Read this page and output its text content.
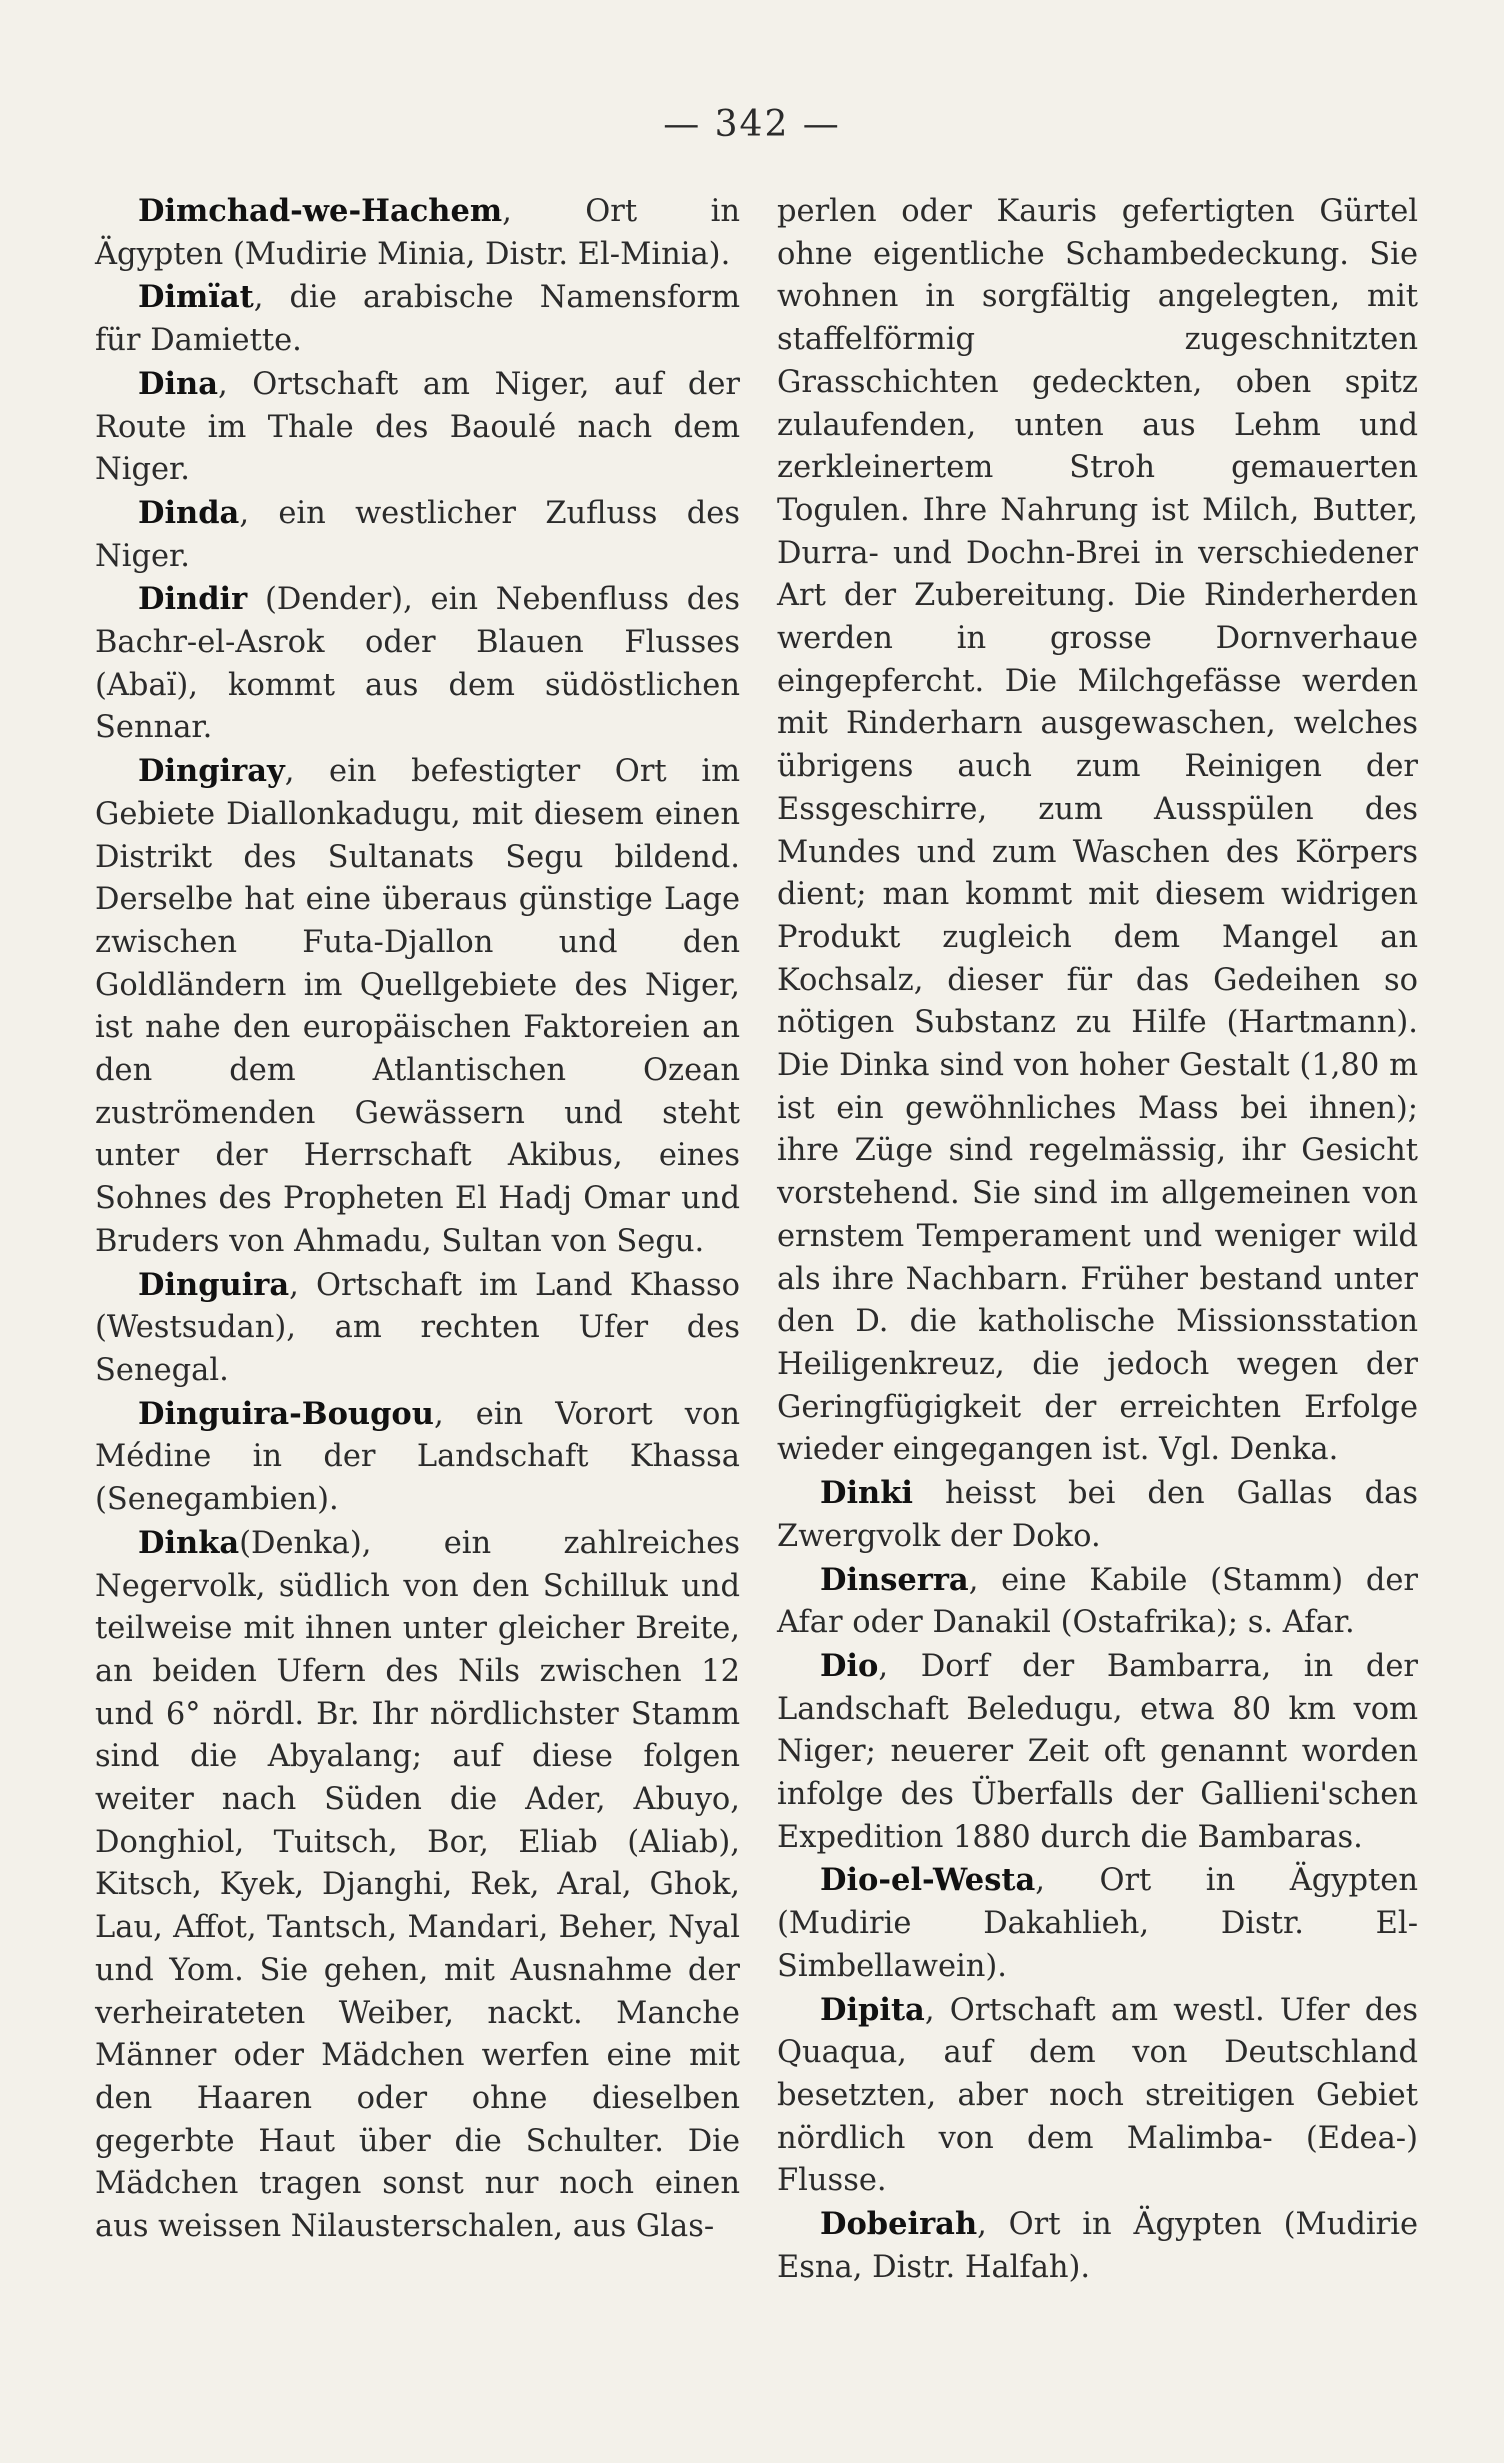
— 342 —

Dimchad-we-Hachem, Ort in Ägypten (Mudirie Minia, Distr. El-Minia).

Dimïat, die arabische Namensform für Damiette.

Dina, Ortschaft am Niger, auf der Route im Thale des Baoulé nach dem Niger.

Dinda, ein westlicher Zufluss des Niger.

Dindir (Dender), ein Nebenfluss des Bachr-el-Asrok oder Blauen Flusses (Abaï), kommt aus dem südöstlichen Sennar.

Dingiray, ein befestigter Ort im Gebiete Diallonkadugu, mit diesem einen Distrikt des Sultanats Segu bildend. Derselbe hat eine überaus günstige Lage zwischen Futa-Djallon und den Goldländern im Quellgebiete des Niger, ist nahe den europäischen Faktoreien an den dem Atlantischen Ozean zuströmenden Gewässern und steht unter der Herrschaft Akibus, eines Sohnes des Propheten El Hadj Omar und Bruders von Ahmadu, Sultan von Segu.

Dinguira, Ortschaft im Land Khasso (Westsudan), am rechten Ufer des Senegal.

Dinguira-Bougou, ein Vorort von Médine in der Landschaft Khassa (Senegambien).

Dinka(Denka), ein zahlreiches Negervolk, südlich von den Schilluk und teilweise mit ihnen unter gleicher Breite, an beiden Ufern des Nils zwischen 12 und 6° nördl. Br. Ihr nördlichster Stamm sind die Abyalang; auf diese folgen weiter nach Süden die Ader, Abuyo, Donghiol, Tuitsch, Bor, Eliab (Aliab), Kitsch, Kyek, Djanghi, Rek, Aral, Ghok, Lau, Affot, Tantsch, Mandari, Beher, Nyal und Yom. Sie gehen, mit Ausnahme der verheirateten Weiber, nackt. Manche Männer oder Mädchen werfen eine mit den Haaren oder ohne dieselben gegerbte Haut über die Schulter. Die Mädchen tragen sonst nur noch einen aus weissen Nilausterschalen, aus Glas-

perlen oder Kauris gefertigten Gürtel ohne eigentliche Schambedeckung. Sie wohnen in sorgfältig angelegten, mit staffelförmig zugeschnitzten Grasschichten gedeckten, oben spitz zulaufenden, unten aus Lehm und zerkleinertem Stroh gemauerten Togulen. Ihre Nahrung ist Milch, Butter, Durra- und Dochn-Brei in verschiedener Art der Zubereitung. Die Rinderherden werden in grosse Dornverhaue eingepfercht. Die Milchgefässe werden mit Rinderharn ausgewaschen, welches übrigens auch zum Reinigen der Essgeschirre, zum Ausspülen des Mundes und zum Waschen des Körpers dient; man kommt mit diesem widrigen Produkt zugleich dem Mangel an Kochsalz, dieser für das Gedeihen so nötigen Substanz zu Hilfe (Hartmann). Die Dinka sind von hoher Gestalt (1,80 m ist ein gewöhnliches Mass bei ihnen); ihre Züge sind regelmässig, ihr Gesicht vorstehend. Sie sind im allgemeinen von ernstem Temperament und weniger wild als ihre Nachbarn. Früher bestand unter den D. die katholische Missionsstation Heiligenkreuz, die jedoch wegen der Geringfügigkeit der erreichten Erfolge wieder eingegangen ist. Vgl. Denka.

Dinki heisst bei den Gallas das Zwergvolk der Doko.

Dinserra, eine Kabile (Stamm) der Afar oder Danakil (Ostafrika); s. Afar.

Dio, Dorf der Bambarra, in der Landschaft Beledugu, etwa 80 km vom Niger; neuerer Zeit oft genannt worden infolge des Überfalls der Gallieni'schen Expedition 1880 durch die Bambaras.

Dio-el-Westa, Ort in Ägypten (Mudirie Dakahlieh, Distr. El-Simbellawein).

Dipita, Ortschaft am westl. Ufer des Quaqua, auf dem von Deutschland besetzten, aber noch streitigen Gebiet nördlich von dem Malimba- (Edea-) Flusse.

Dobeirah, Ort in Ägypten (Mudirie Esna, Distr. Halfah).
